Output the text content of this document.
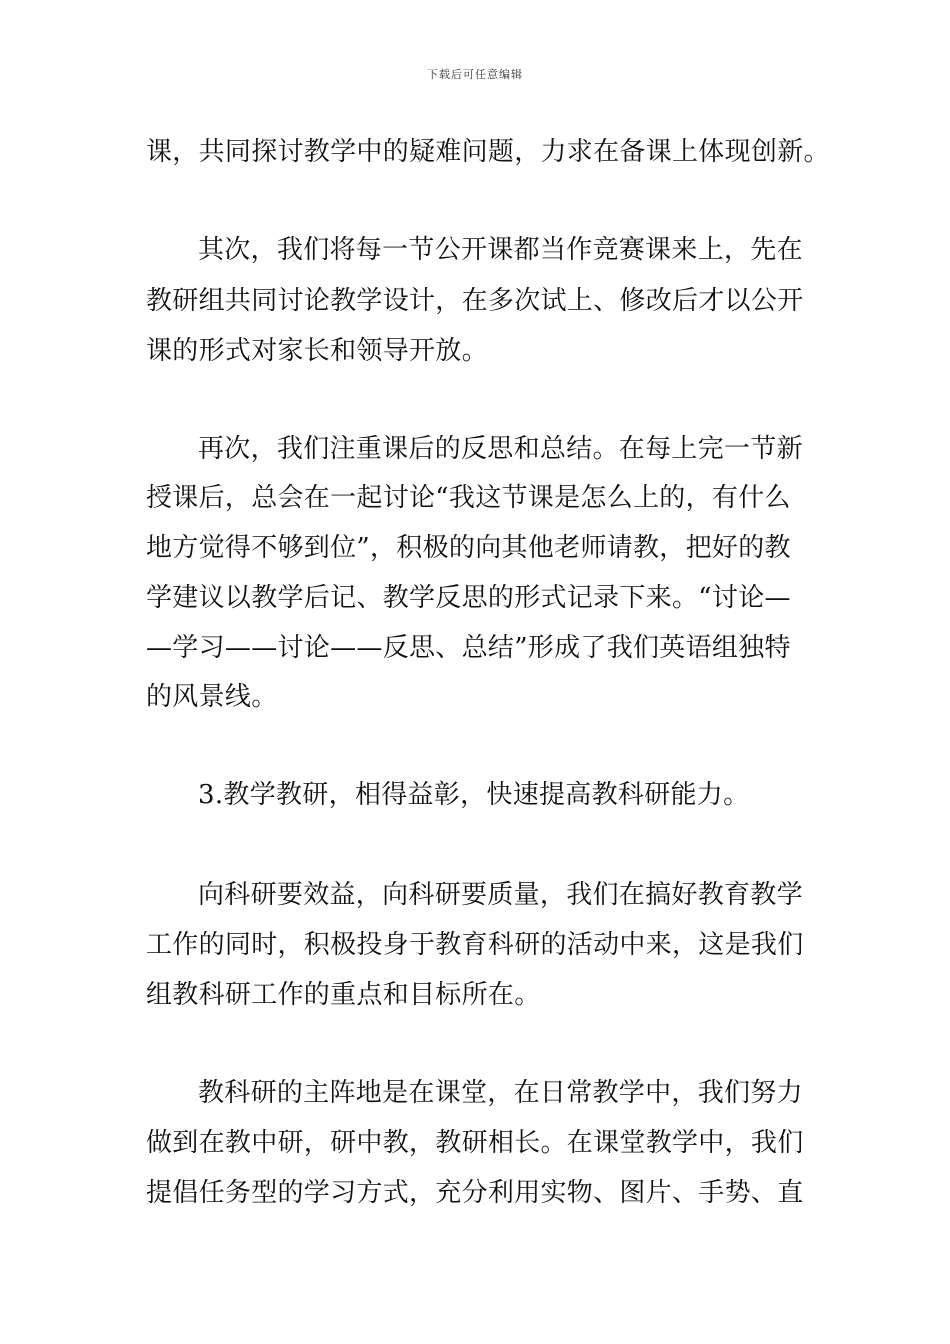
下载后可任意编辑
课，共同探讨教学中的疑难问题，力求在备课上体现创新。
其次，我们将每一节公开课都当作竞赛课来上，先在
教研组共同讨论教学设计，在多次试上、修改后才以公开
课的形式对家长和领导开放。
再次，我们注重课后的反思和总结。在每上完一节新
授课后，总会在一起讨论“我这节课是怎么上的，有什么
地方觉得不够到位”，积极的向其他老师请教，把好的教
学建议以教学后记、教学反思的形式记录下来。“讨论—
—学习——讨论——反思、总结”形成了我们英语组独特
的风景线。
3.教学教研，相得益彰，快速提高教科研能力。
向科研要效益，向科研要质量，我们在搞好教育教学
工作的同时，积极投身于教育科研的活动中来，这是我们
组教科研工作的重点和目标所在。
教科研的主阵地是在课堂，在日常教学中，我们努力
做到在教中研，研中教，教研相长。在课堂教学中，我们
提倡任务型的学习方式，充分利用实物、图片、手势、直
